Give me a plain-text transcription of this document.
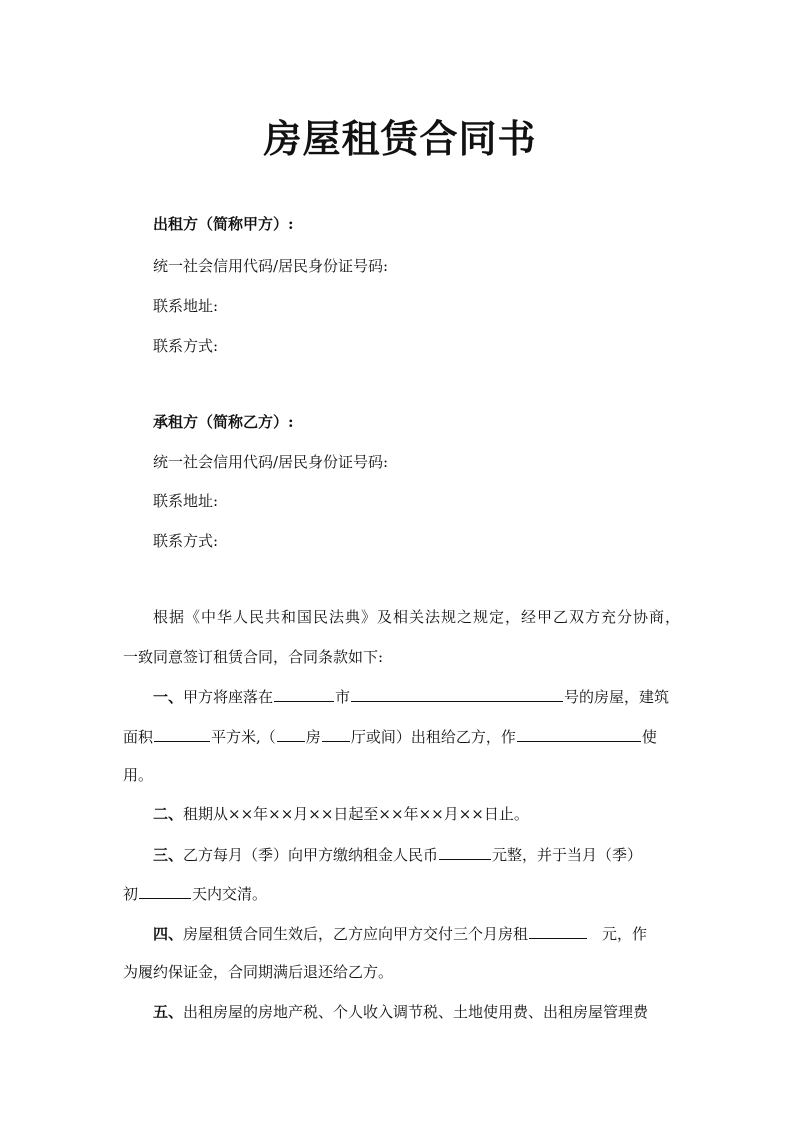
房屋租赁合同书

出租方（简称甲方）:

统一社会信用代码/居民身份证号码:

联系地址:

联系方式:

承租方（简称乙方）:

统一社会信用代码/居民身份证号码:

联系地址:

联系方式:

根据《中华人民共和国民法典》及相关法规之规定，经甲乙双方充分协商，
一致同意签订租赁合同，合同条款如下:
一、甲方将座落在	市	号的房屋，建筑
面积	平方米,（ 房 厅或间）出租给乙方，作	使
用。
二、租期从××年××月××日起至××年××月××日止。
三、乙方每月（季）向甲方缴纳租金人民币	元整，并于当月（季）
初	天内交清。
四、房屋租赁合同生效后，乙方应向甲方交付三个月房租	元，作
为履约保证金，合同期满后退还给乙方。
五、出租房屋的房地产税、个人收入调节税、土地使用费、出租房屋管理费
